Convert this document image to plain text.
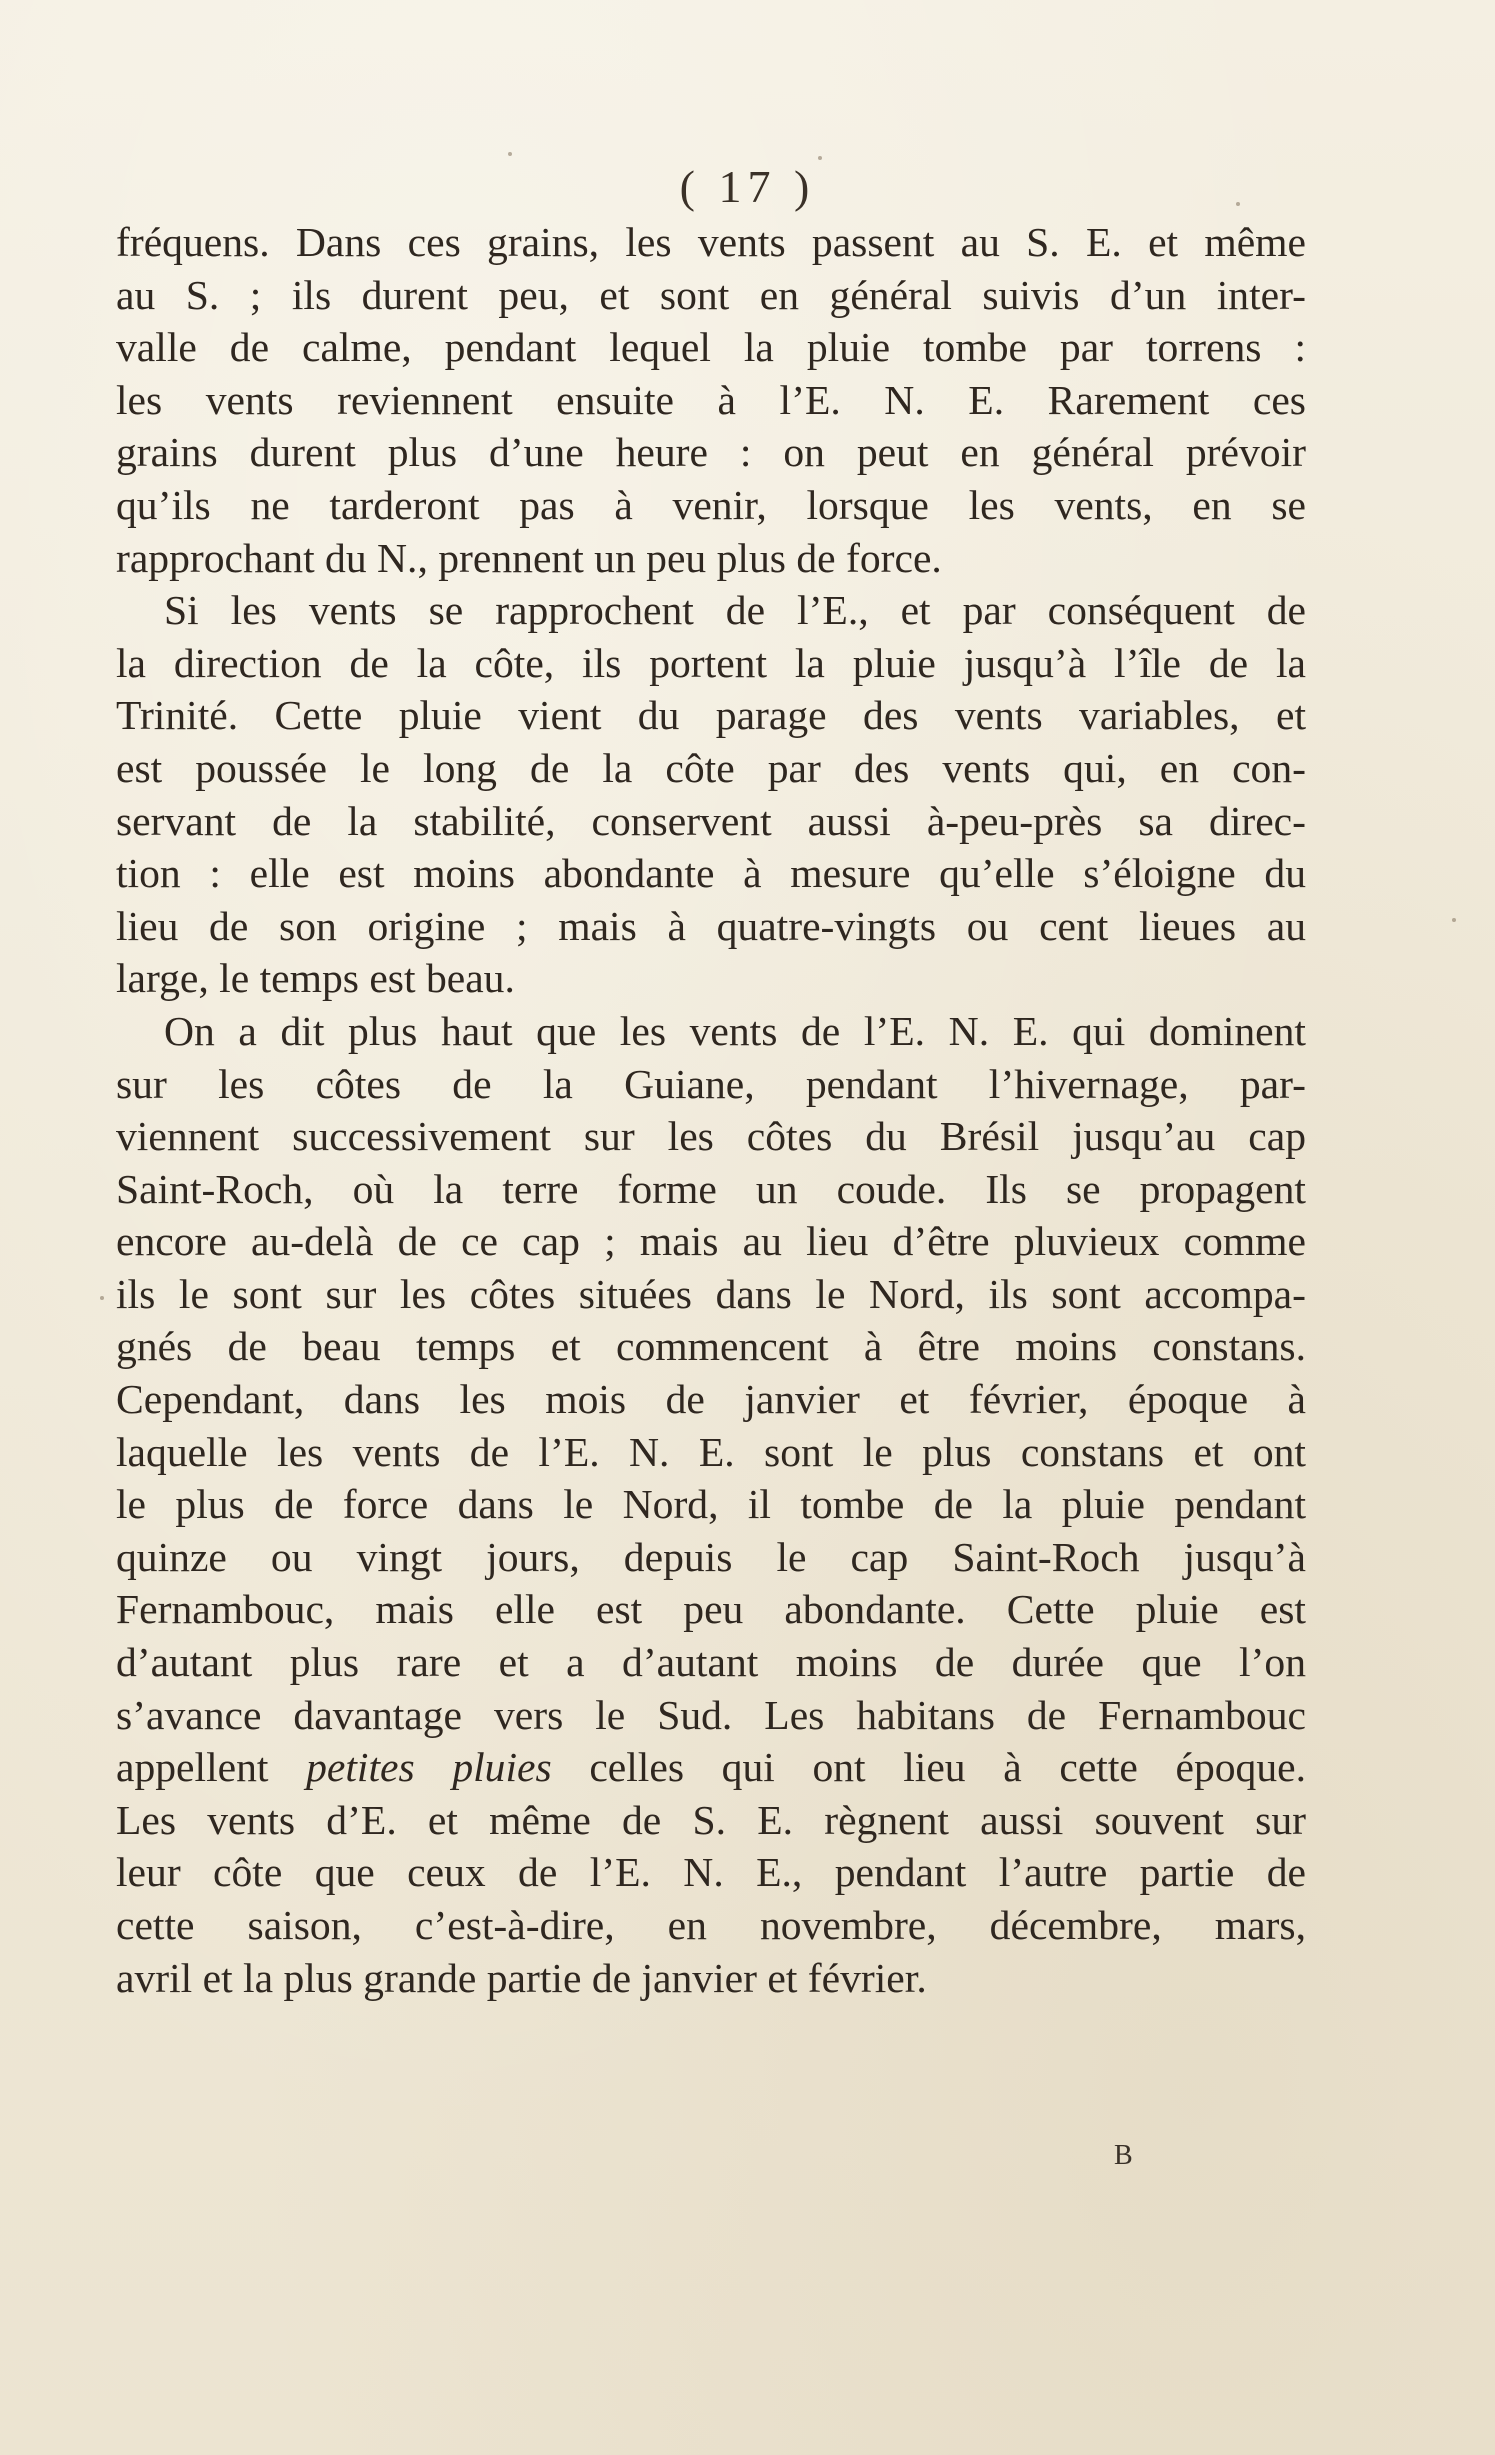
( 17 )
fréquens. Dans ces grains, les vents passent au S. E. et même
au S. ; ils durent peu, et sont en général suivis d’un inter-
valle de calme, pendant lequel la pluie tombe par torrens :
les vents reviennent ensuite à l’E. N. E. Rarement ces
grains durent plus d’une heure : on peut en général prévoir
qu’ils ne tarderont pas à venir, lorsque les vents, en se
rapprochant du N., prennent un peu plus de force.
Si les vents se rapprochent de l’E., et par conséquent de
la direction de la côte, ils portent la pluie jusqu’à l’île de la
Trinité. Cette pluie vient du parage des vents variables, et
est poussée le long de la côte par des vents qui, en con-
servant de la stabilité, conservent aussi à-peu-près sa direc-
tion : elle est moins abondante à mesure qu’elle s’éloigne du
lieu de son origine ; mais à quatre-vingts ou cent lieues au
large, le temps est beau.
On a dit plus haut que les vents de l’E. N. E. qui dominent
sur les côtes de la Guiane, pendant l’hivernage, par-
viennent successivement sur les côtes du Brésil jusqu’au cap
Saint-Roch, où la terre forme un coude. Ils se propagent
encore au-delà de ce cap ; mais au lieu d’être pluvieux comme
ils le sont sur les côtes situées dans le Nord, ils sont accompa-
gnés de beau temps et commencent à être moins constans.
Cependant, dans les mois de janvier et février, époque à
laquelle les vents de l’E. N. E. sont le plus constans et ont
le plus de force dans le Nord, il tombe de la pluie pendant
quinze ou vingt jours, depuis le cap Saint-Roch jusqu’à
Fernambouc, mais elle est peu abondante. Cette pluie est
d’autant plus rare et a d’autant moins de durée que l’on
s’avance davantage vers le Sud. Les habitans de Fernambouc
appellent petites pluies celles qui ont lieu à cette époque.
Les vents d’E. et même de S. E. règnent aussi souvent sur
leur côte que ceux de l’E. N. E., pendant l’autre partie de
cette saison, c’est-à-dire, en novembre, décembre, mars,
avril et la plus grande partie de janvier et février.
B
